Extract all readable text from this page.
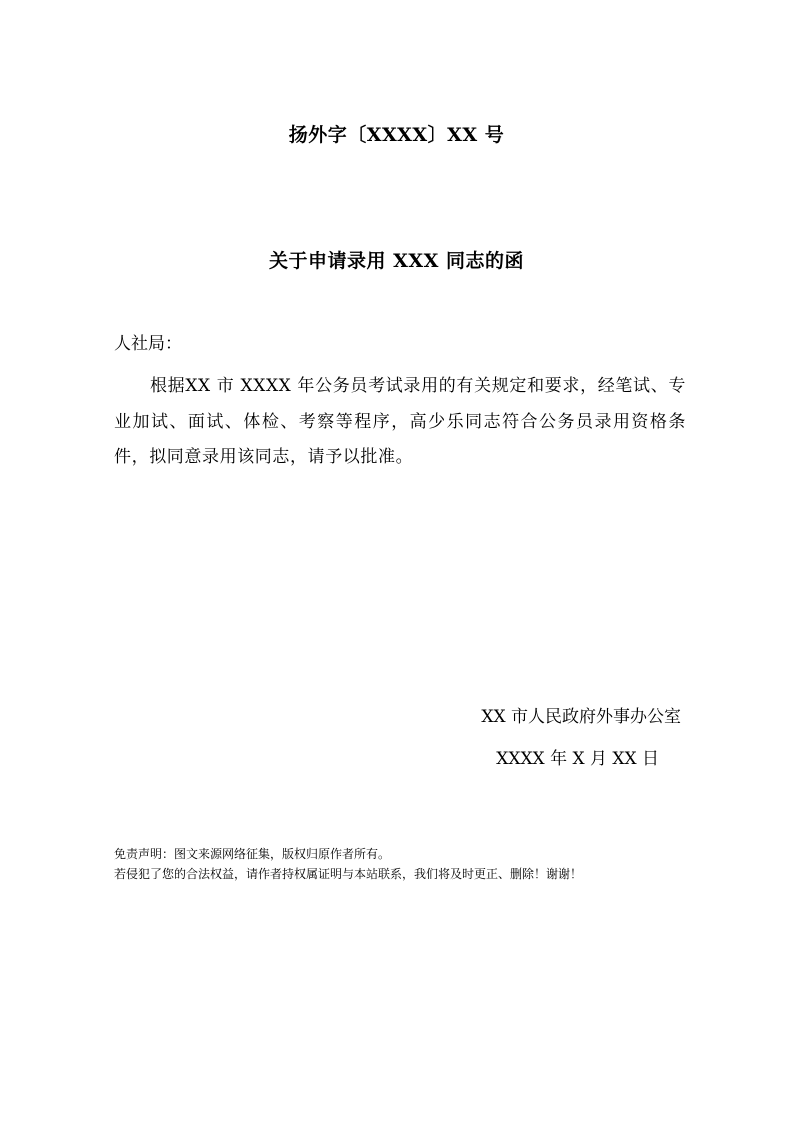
扬外字〔XXXX〕XX 号
关于申请录用 XXX 同志的函
人社局：
根据XX 市 XXXX 年公务员考试录用的有关规定和要求，经笔试、专业加试、面试、体检、考察等程序，高少乐同志符合公务员录用资格条件，拟同意录用该同志，请予以批准。
XX 市人民政府外事办公室
XXXX 年 X 月 XX 日
免责声明：图文来源网络征集，版权归原作者所有。
若侵犯了您的合法权益，请作者持权属证明与本站联系，我们将及时更正、删除！谢谢！
